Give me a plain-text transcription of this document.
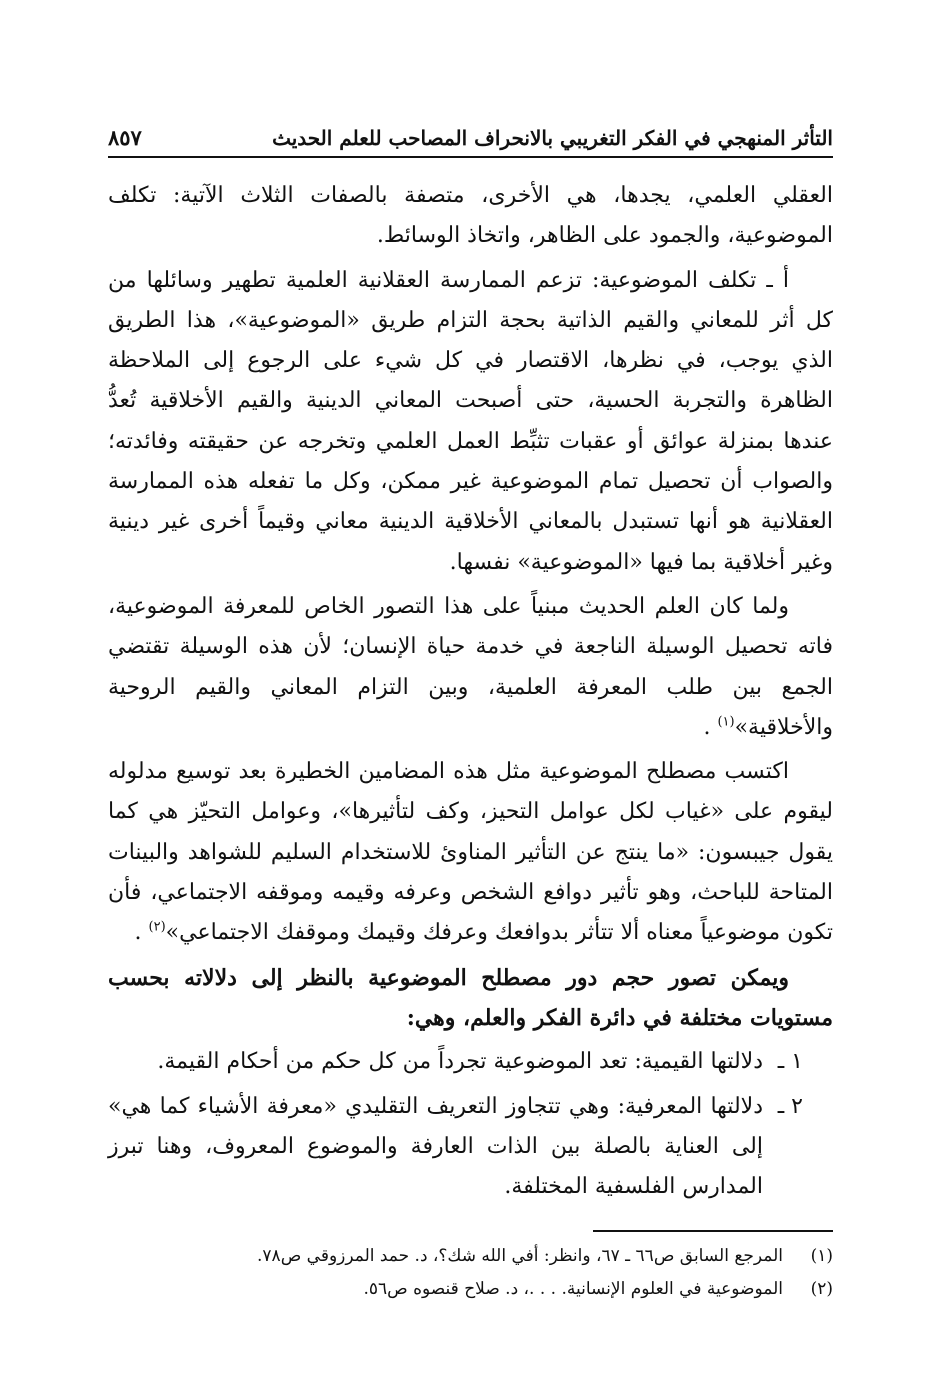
التأثر المنهجي في الفكر التغريبي بالانحراف المصاحب للعلم الحديث
٨٥٧

العقلي العلمي، يجدها، هي الأخرى، متصفة بالصفات الثلاث الآتية: تكلف الموضوعية، والجمود على الظاهر، واتخاذ الوسائط.

أ ـ تكلف الموضوعية: تزعم الممارسة العقلانية العلمية تطهير وسائلها من كل أثر للمعاني والقيم الذاتية بحجة التزام طريق «الموضوعية»، هذا الطريق الذي يوجب، في نظرها، الاقتصار في كل شيء على الرجوع إلى الملاحظة الظاهرة والتجربة الحسية، حتى أصبحت المعاني الدينية والقيم الأخلاقية تُعدُّ عندها بمنزلة عوائق أو عقبات تثبِّط العمل العلمي وتخرجه عن حقيقته وفائدته؛ والصواب أن تحصيل تمام الموضوعية غير ممكن، وكل ما تفعله هذه الممارسة العقلانية هو أنها تستبدل بالمعاني الأخلاقية الدينية معاني وقيماً أخرى غير دينية وغير أخلاقية بما فيها «الموضوعية» نفسها.

ولما كان العلم الحديث مبنياً على هذا التصور الخاص للمعرفة الموضوعية، فاته تحصيل الوسيلة الناجعة في خدمة حياة الإنسان؛ لأن هذه الوسيلة تقتضي الجمع بين طلب المعرفة العلمية، وبين التزام المعاني والقيم الروحية والأخلاقية»$^{(١)}$ .

اكتسب مصطلح الموضوعية مثل هذه المضامين الخطيرة بعد توسيع مدلوله ليقوم على «غياب لكل عوامل التحيز، وكف لتأثيرها»، وعوامل التحيّز هي كما يقول جيبسون: «ما ينتج عن التأثير المناوئ للاستخدام السليم للشواهد والبينات المتاحة للباحث، وهو تأثير دوافع الشخص وعرفه وقيمه وموقفه الاجتماعي، فأن تكون موضوعياً معناه ألا تتأثر بدوافعك وعرفك وقيمك وموقفك الاجتماعي»$^{(٢)}$ .

ويمكن تصور حجم دور مصطلح الموضوعية بالنظر إلى دلالاته بحسب مستويات مختلفة في دائرة الفكر والعلم، وهي:

١ ـ
دلالتها القيمية: تعد الموضوعية تجرداً من كل حكم من أحكام القيمة.
٢ ـ
دلالتها المعرفية: وهي تتجاوز التعريف التقليدي «معرفة الأشياء كما هي» إلى العناية بالصلة بين الذات العارفة والموضوع المعروف، وهنا تبرز المدارس الفلسفية المختلفة.
(١)
المرجع السابق ص٦٦ ـ ٦٧، وانظر: أفي الله شك؟، د. حمد المرزوقي ص٧٨.
(٢)
الموضوعية في العلوم الإنسانية. . . .، د. صلاح قنصوه ص٥٦.
